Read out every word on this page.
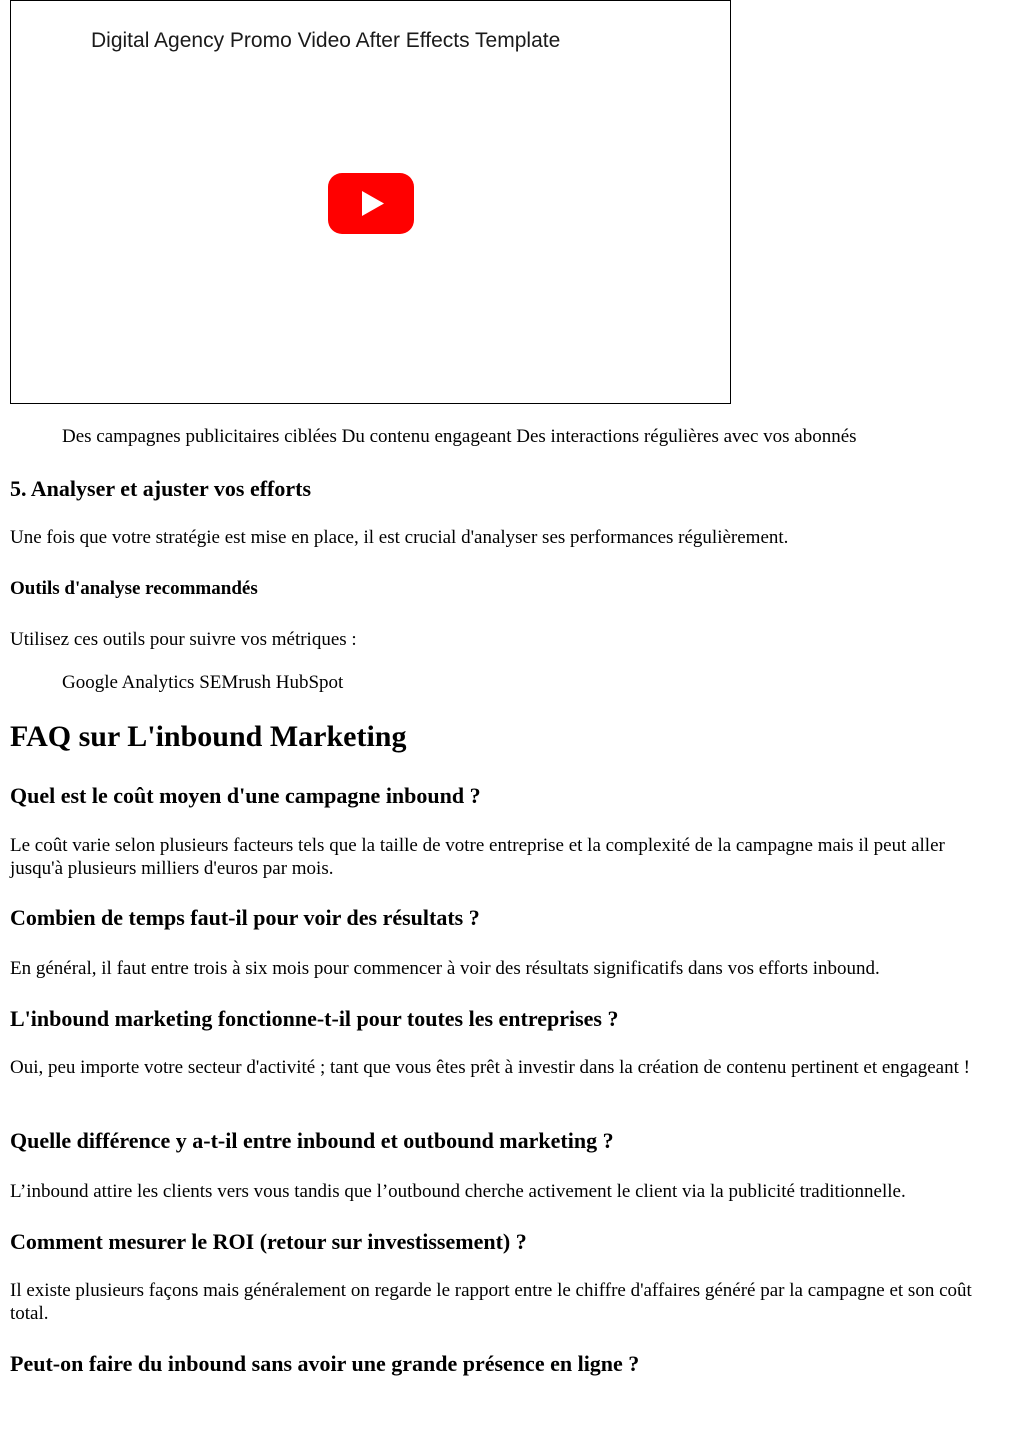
Digital Agency Promo Video After Effects Template
Des campagnes publicitaires ciblées Du contenu engageant Des interactions régulières avec vos abonnés
5. Analyser et ajuster vos efforts

Une fois que votre stratégie est mise en place, il est crucial d'analyser ses performances régulièrement.

Outils d'analyse recommandés

Utilisez ces outils pour suivre vos métriques :

Google Analytics SEMrush HubSpot
FAQ sur L'inbound Marketing
Quel est le coût moyen d'une campagne inbound ?

Le coût varie selon plusieurs facteurs tels que la taille de votre entreprise et la complexité de la campagne mais il peut aller jusqu'à plusieurs milliers d'euros par mois.

Combien de temps faut-il pour voir des résultats ?

En général, il faut entre trois à six mois pour commencer à voir des résultats significatifs dans vos efforts inbound.

L'inbound marketing fonctionne-t-il pour toutes les entreprises ?

Oui, peu importe votre secteur d'activité ; tant que vous êtes prêt à investir dans la création de contenu pertinent et engageant !

Quelle différence y a-t-il entre inbound et outbound marketing ?

L’inbound attire les clients vers vous tandis que l’outbound cherche activement le client via la publicité traditionnelle.

Comment mesurer le ROI (retour sur investissement) ?

Il existe plusieurs façons mais généralement on regarde le rapport entre le chiffre d'affaires généré par la campagne et son coût total.

Peut-on faire du inbound sans avoir une grande présence en ligne ?
